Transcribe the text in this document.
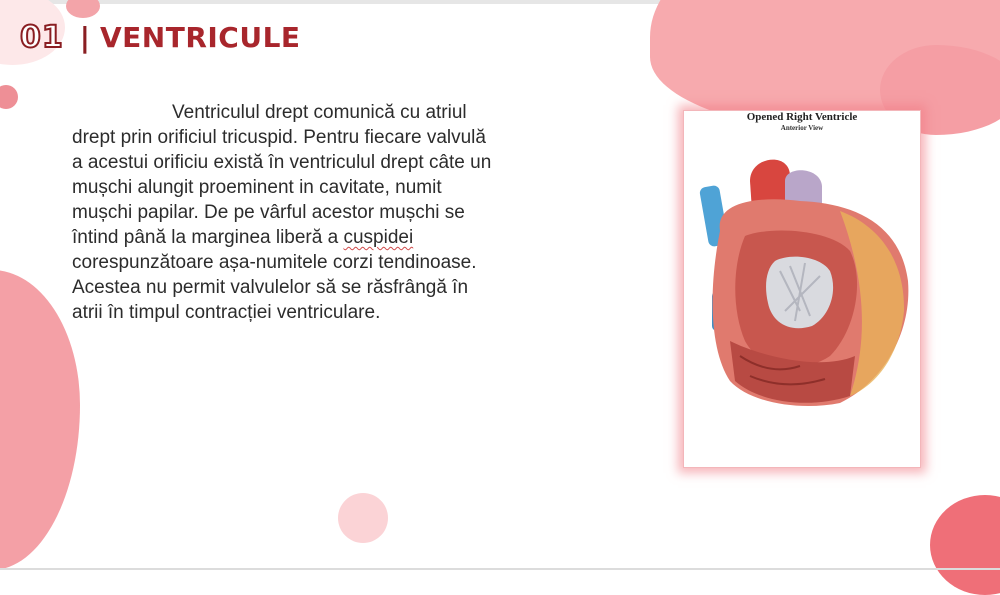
01 | VENTRICULE
Ventriculul drept comunică cu atriul
drept prin orificiul tricuspid. Pentru fiecare valvulă
a acestui orificiu există în ventriculul drept câte un
mușchi alungit proeminent in cavitate, numit
mușchi papilar. De pe vârful acestor mușchi se
întind până la marginea liberă a cuspidei
corespunzătoare așa-numitele corzi tendinoase.
Acestea nu permit valvulelor să se răsfrângă în
atrii în timpul contracției ventriculare.
Opened Right Ventricle
Anterior View
